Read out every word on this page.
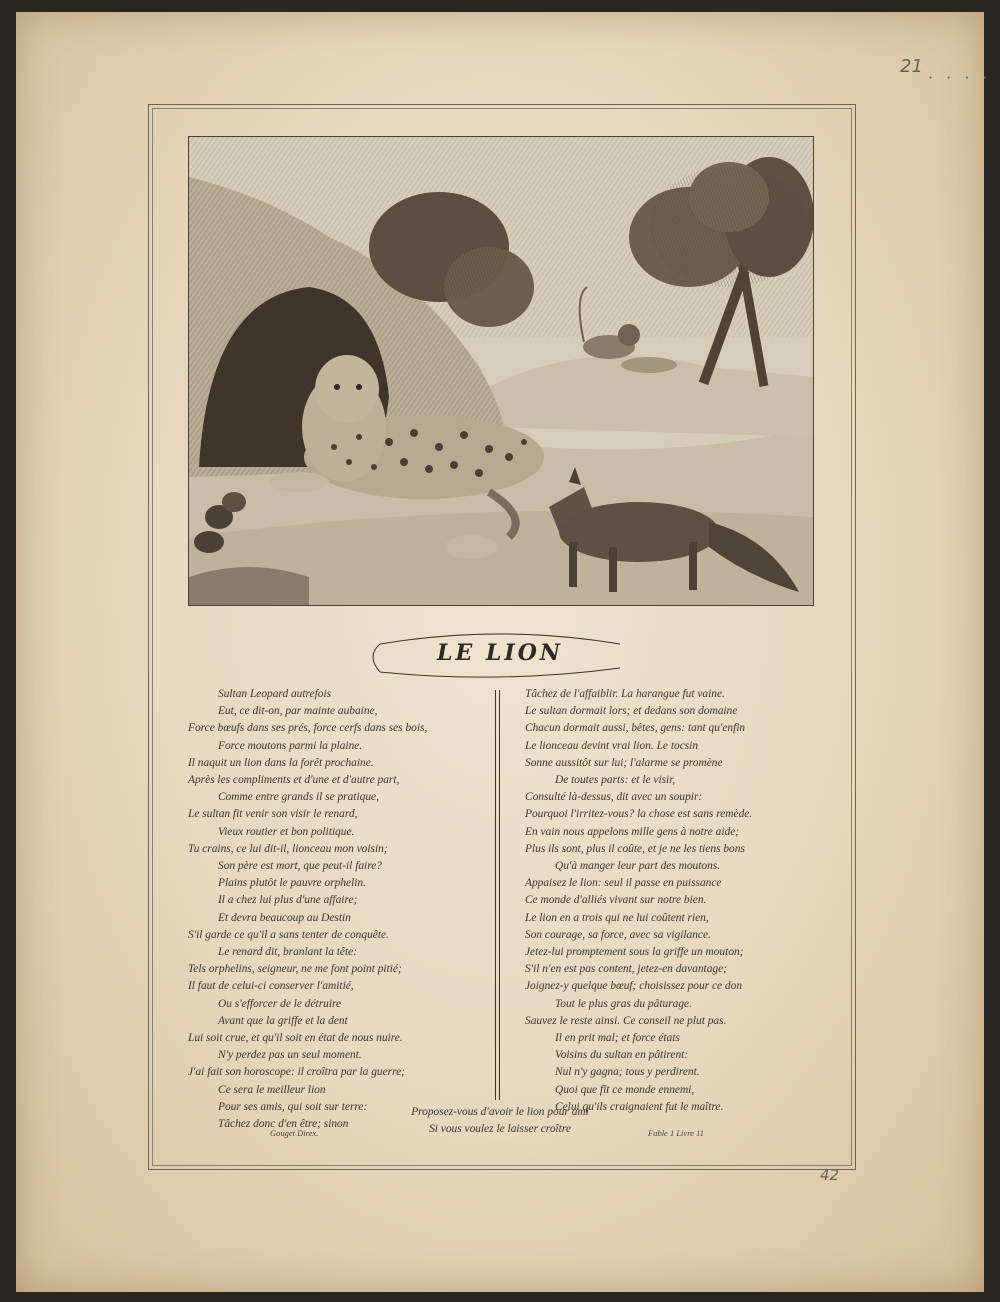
21
· · · ·
LE LION
Sultan Leopard autrefois
Eut, ce dit-on, par mainte aubaine,
Force bœufs dans ses prés, force cerfs dans ses bois,
Force moutons parmi la plaine.
Il naquit un lion dans la forêt prochaine.
Après les compliments et d'une et d'autre part,
Comme entre grands il se pratique,
Le sultan fit venir son visir le renard,
Vieux routier et bon politique.
Tu crains, ce lui dit-il, lionceau mon voisin;
Son père est mort, que peut-il faire?
Plains plutôt le pauvre orphelin.
Il a chez lui plus d'une affaire;
Et devra beaucoup au Destin
S'il garde ce qu'il a sans tenter de conquête.
Le renard dit, branlant la tête:
Tels orphelins, seigneur, ne me font point pitié;
Il faut de celui-ci conserver l'amitié,
Ou s'efforcer de le détruire
Avant que la griffe et la dent
Lui soit crue, et qu'il soit en état de nous nuire.
N'y perdez pas un seul moment.
J'ai fait son horoscope: il croîtra par la guerre;
Ce sera le meilleur lion
Pour ses amis, qui soit sur terre:
Tâchez donc d'en être; sinon
Tâchez de l'affaiblir. La harangue fut vaine.
Le sultan dormait lors; et dedans son domaine
Chacun dormait aussi, bêtes, gens: tant qu'enfin
Le lionceau devint vrai lion. Le tocsin
Sonne aussitôt sur lui; l'alarme se promène
De toutes parts: et le visir,
Consulté là-dessus, dit avec un soupir:
Pourquoi l'irritez-vous? la chose est sans remède.
En vain nous appelons mille gens à notre aide;
Plus ils sont, plus il coûte, et je ne les tiens bons
Qu'à manger leur part des moutons.
Appaisez le lion: seul il passe en puissance
Ce monde d'alliés vivant sur notre bien.
Le lion en a trois qui ne lui coûtent rien,
Son courage, sa force, avec sa vigilance.
Jetez-lui promptement sous la griffe un mouton;
S'il n'en est pas content, jetez-en davantage;
Joignez-y quelque bœuf; choisissez pour ce don
Tout le plus gras du pâturage.
Sauvez le reste ainsi. Ce conseil ne plut pas.
Il en prit mal; et force états
Voisins du sultan en pâtirent:
Nul n'y gagna; tous y perdirent.
Quoi que fît ce monde ennemi,
Celui qu'ils craignaient fut le maître.
Proposez-vous d'avoir le lion pour ami
Si vous voulez le laisser croître
Gouget Direx.	Fable 1 Livre 11
42
